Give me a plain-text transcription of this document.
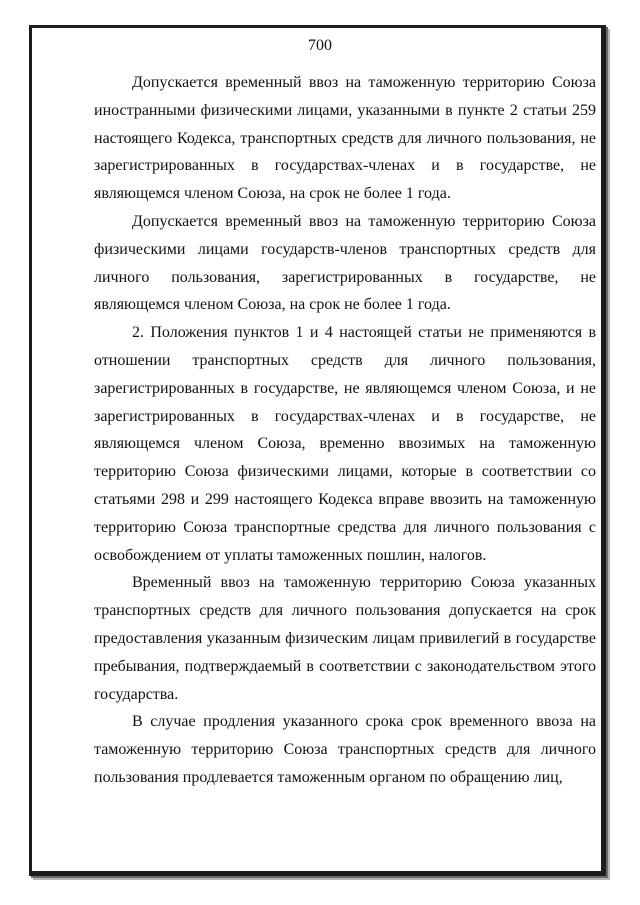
700

Допускается временный ввоз на таможенную территорию Союза иностранными физическими лицами, указанными в пункте 2 статьи 259 настоящего Кодекса, транспортных средств для личного пользования, не зарегистрированных в государствах-членах и в государстве, не являющемся членом Союза, на срок не более 1 года.

Допускается временный ввоз на таможенную территорию Союза физическими лицами государств-членов транспортных средств для личного пользования, зарегистрированных в государстве, не являющемся членом Союза, на срок не более 1 года.

2. Положения пунктов 1 и 4 настоящей статьи не применяются в отношении транспортных средств для личного пользования, зарегистрированных в государстве, не являющемся членом Союза, и не зарегистрированных в государствах-членах и в государстве, не являющемся членом Союза, временно ввозимых на таможенную территорию Союза физическими лицами, которые в соответствии со статьями 298 и 299 настоящего Кодекса вправе ввозить на таможенную территорию Союза транспортные средства для личного пользования с освобождением от уплаты таможенных пошлин, налогов.

Временный ввоз на таможенную территорию Союза указанных транспортных средств для личного пользования допускается на срок предоставления указанным физическим лицам привилегий в государстве пребывания, подтверждаемый в соответствии с законодательством этого государства.

В случае продления указанного срока срок временного ввоза на таможенную территорию Союза транспортных средств для личного пользования продлевается таможенным органом по обращению лиц,
